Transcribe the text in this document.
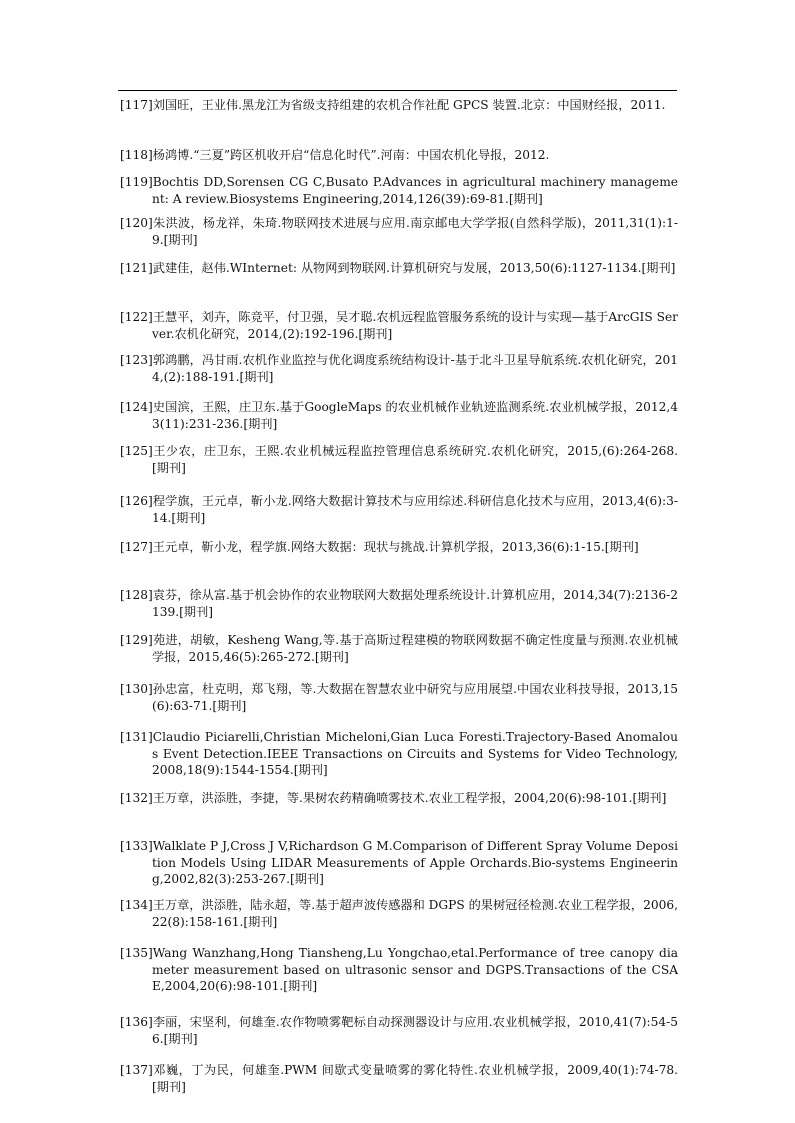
[117]刘国旺，王业伟.黑龙江为省级支持组建的农机合作社配 GPCS 装置.北京：中国财经报，2011.
[118]杨鸿博.“三夏”跨区机收开启“信息化时代”.河南：中国农机化导报，2012.
[119]Bochtis DD,Sorensen CG C,Busato P.Advances in agricultural machinery management: A review.Biosystems Engineering,2014,126(39):69-81.[期刊]
[120]朱洪波，杨龙祥，朱琦.物联网技术进展与应用.南京邮电大学学报(自然科学版)，2011,31(1):1-9.[期刊]
[121]武建佳，赵伟.WInternet: 从物网到物联网.计算机研究与发展，2013,50(6):1127-1134.[期刊]
[122]王慧平，刘卉，陈竞平，付卫强，吴才聪.农机远程监管服务系统的设计与实现—基于ArcGIS Server.农机化研究，2014,(2):192-196.[期刊]
[123]郭鸿鹏，冯甘雨.农机作业监控与优化调度系统结构设计-基于北斗卫星导航系统.农机化研究，2014,(2):188-191.[期刊]
[124]史国滨，王熙，庄卫东.基于GoogleMaps 的农业机械作业轨迹监测系统.农业机械学报，2012,43(11):231-236.[期刊]
[125]王少农，庄卫东，王熙.农业机械远程监控管理信息系统研究.农机化研究，2015,(6):264-268.[期刊]
[126]程学旗，王元卓，靳小龙.网络大数据计算技术与应用综述.科研信息化技术与应用，2013,4(6):3-14.[期刊]
[127]王元卓，靳小龙，程学旗.网络大数据：现状与挑战.计算机学报，2013,36(6):1-15.[期刊]
[128]袁芬，徐从富.基于机会协作的农业物联网大数据处理系统设计.计算机应用，2014,34(7):2136-2139.[期刊]
[129]苑进，胡敏，Kesheng Wang,等.基于高斯过程建模的物联网数据不确定性度量与预测.农业机械学报，2015,46(5):265-272.[期刊]
[130]孙忠富，杜克明，郑飞翔，等.大数据在智慧农业中研究与应用展望.中国农业科技导报，2013,15(6):63-71.[期刊]
[131]Claudio Piciarelli,Christian Micheloni,Gian Luca Foresti.Trajectory-Based Anomalous Event Detection.IEEE Transactions on Circuits and Systems for Video Technology,2008,18(9):1544-1554.[期刊]
[132]王万章，洪添胜，李捷，等.果树农药精确喷雾技术.农业工程学报，2004,20(6):98-101.[期刊]
[133]Walklate P J,Cross J V,Richardson G M.Comparison of Different Spray Volume Deposition Models Using LIDAR Measurements of Apple Orchards.Bio-systems Engineering,2002,82(3):253-267.[期刊]
[134]王万章，洪添胜，陆永超，等.基于超声波传感器和 DGPS 的果树冠径检测.农业工程学报，2006,22(8):158-161.[期刊]
[135]Wang Wanzhang,Hong Tiansheng,Lu Yongchao,etal.Performance of tree canopy diameter measurement based on ultrasonic sensor and DGPS.Transactions of the CSAE,2004,20(6):98-101.[期刊]
[136]李丽，宋坚利，何雄奎.农作物喷雾靶标自动探测器设计与应用.农业机械学报，2010,41(7):54-56.[期刊]
[137]邓巍，丁为民，何雄奎.PWM 间歇式变量喷雾的雾化特性.农业机械学报，2009,40(1):74-78.[期刊]
